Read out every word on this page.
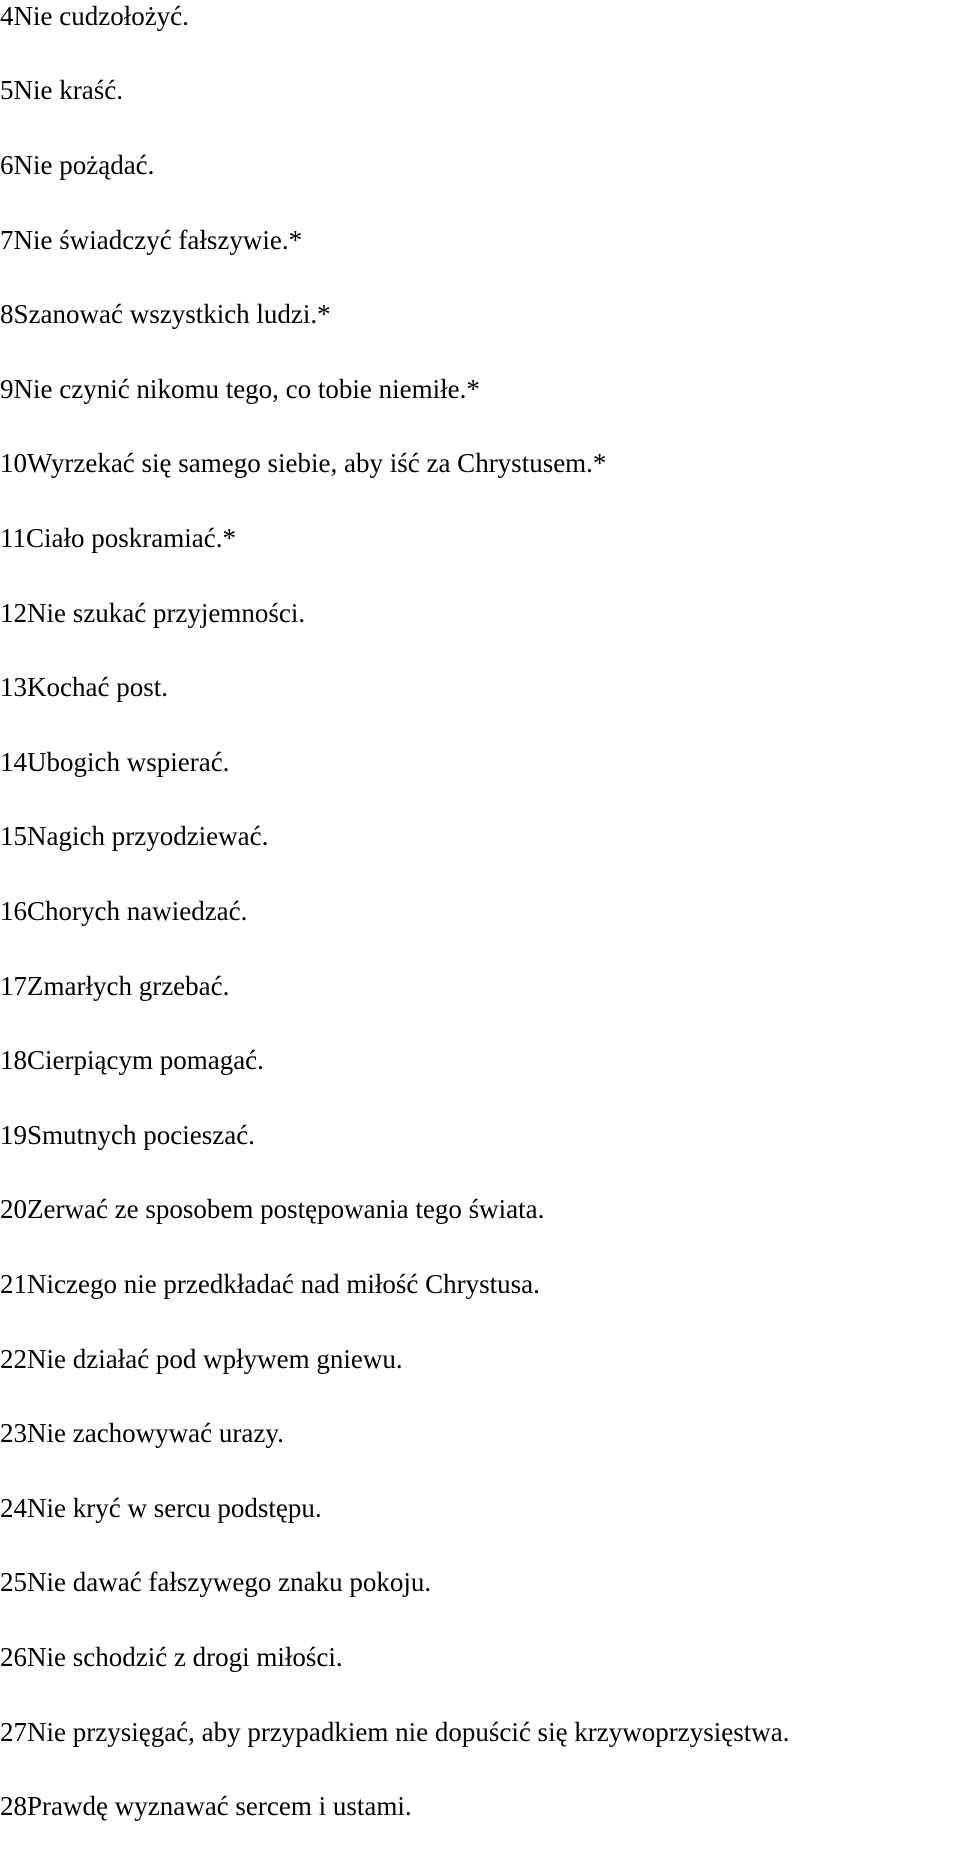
4Nie cudzołożyć.
5Nie kraść.
6Nie pożądać.
7Nie świadczyć fałszywie.*
8Szanować wszystkich ludzi.*
9Nie czynić nikomu tego, co tobie niemiłe.*
10Wyrzekać się samego siebie, aby iść za Chrystusem.*
11Ciało poskramiać.*
12Nie szukać przyjemności.
13Kochać post.
14Ubogich wspierać.
15Nagich przyodziewać.
16Chorych nawiedzać.
17Zmarłych grzebać.
18Cierpiącym pomagać.
19Smutnych pocieszać.
20Zerwać ze sposobem postępowania tego świata.
21Niczego nie przedkładać nad miłość Chrystusa.
22Nie działać pod wpływem gniewu.
23Nie zachowywać urazy.
24Nie kryć w sercu podstępu.
25Nie dawać fałszywego znaku pokoju.
26Nie schodzić z drogi miłości.
27Nie przysięgać, aby przypadkiem nie dopuścić się krzywoprzysięstwa.
28Prawdę wyznawać sercem i ustami.
